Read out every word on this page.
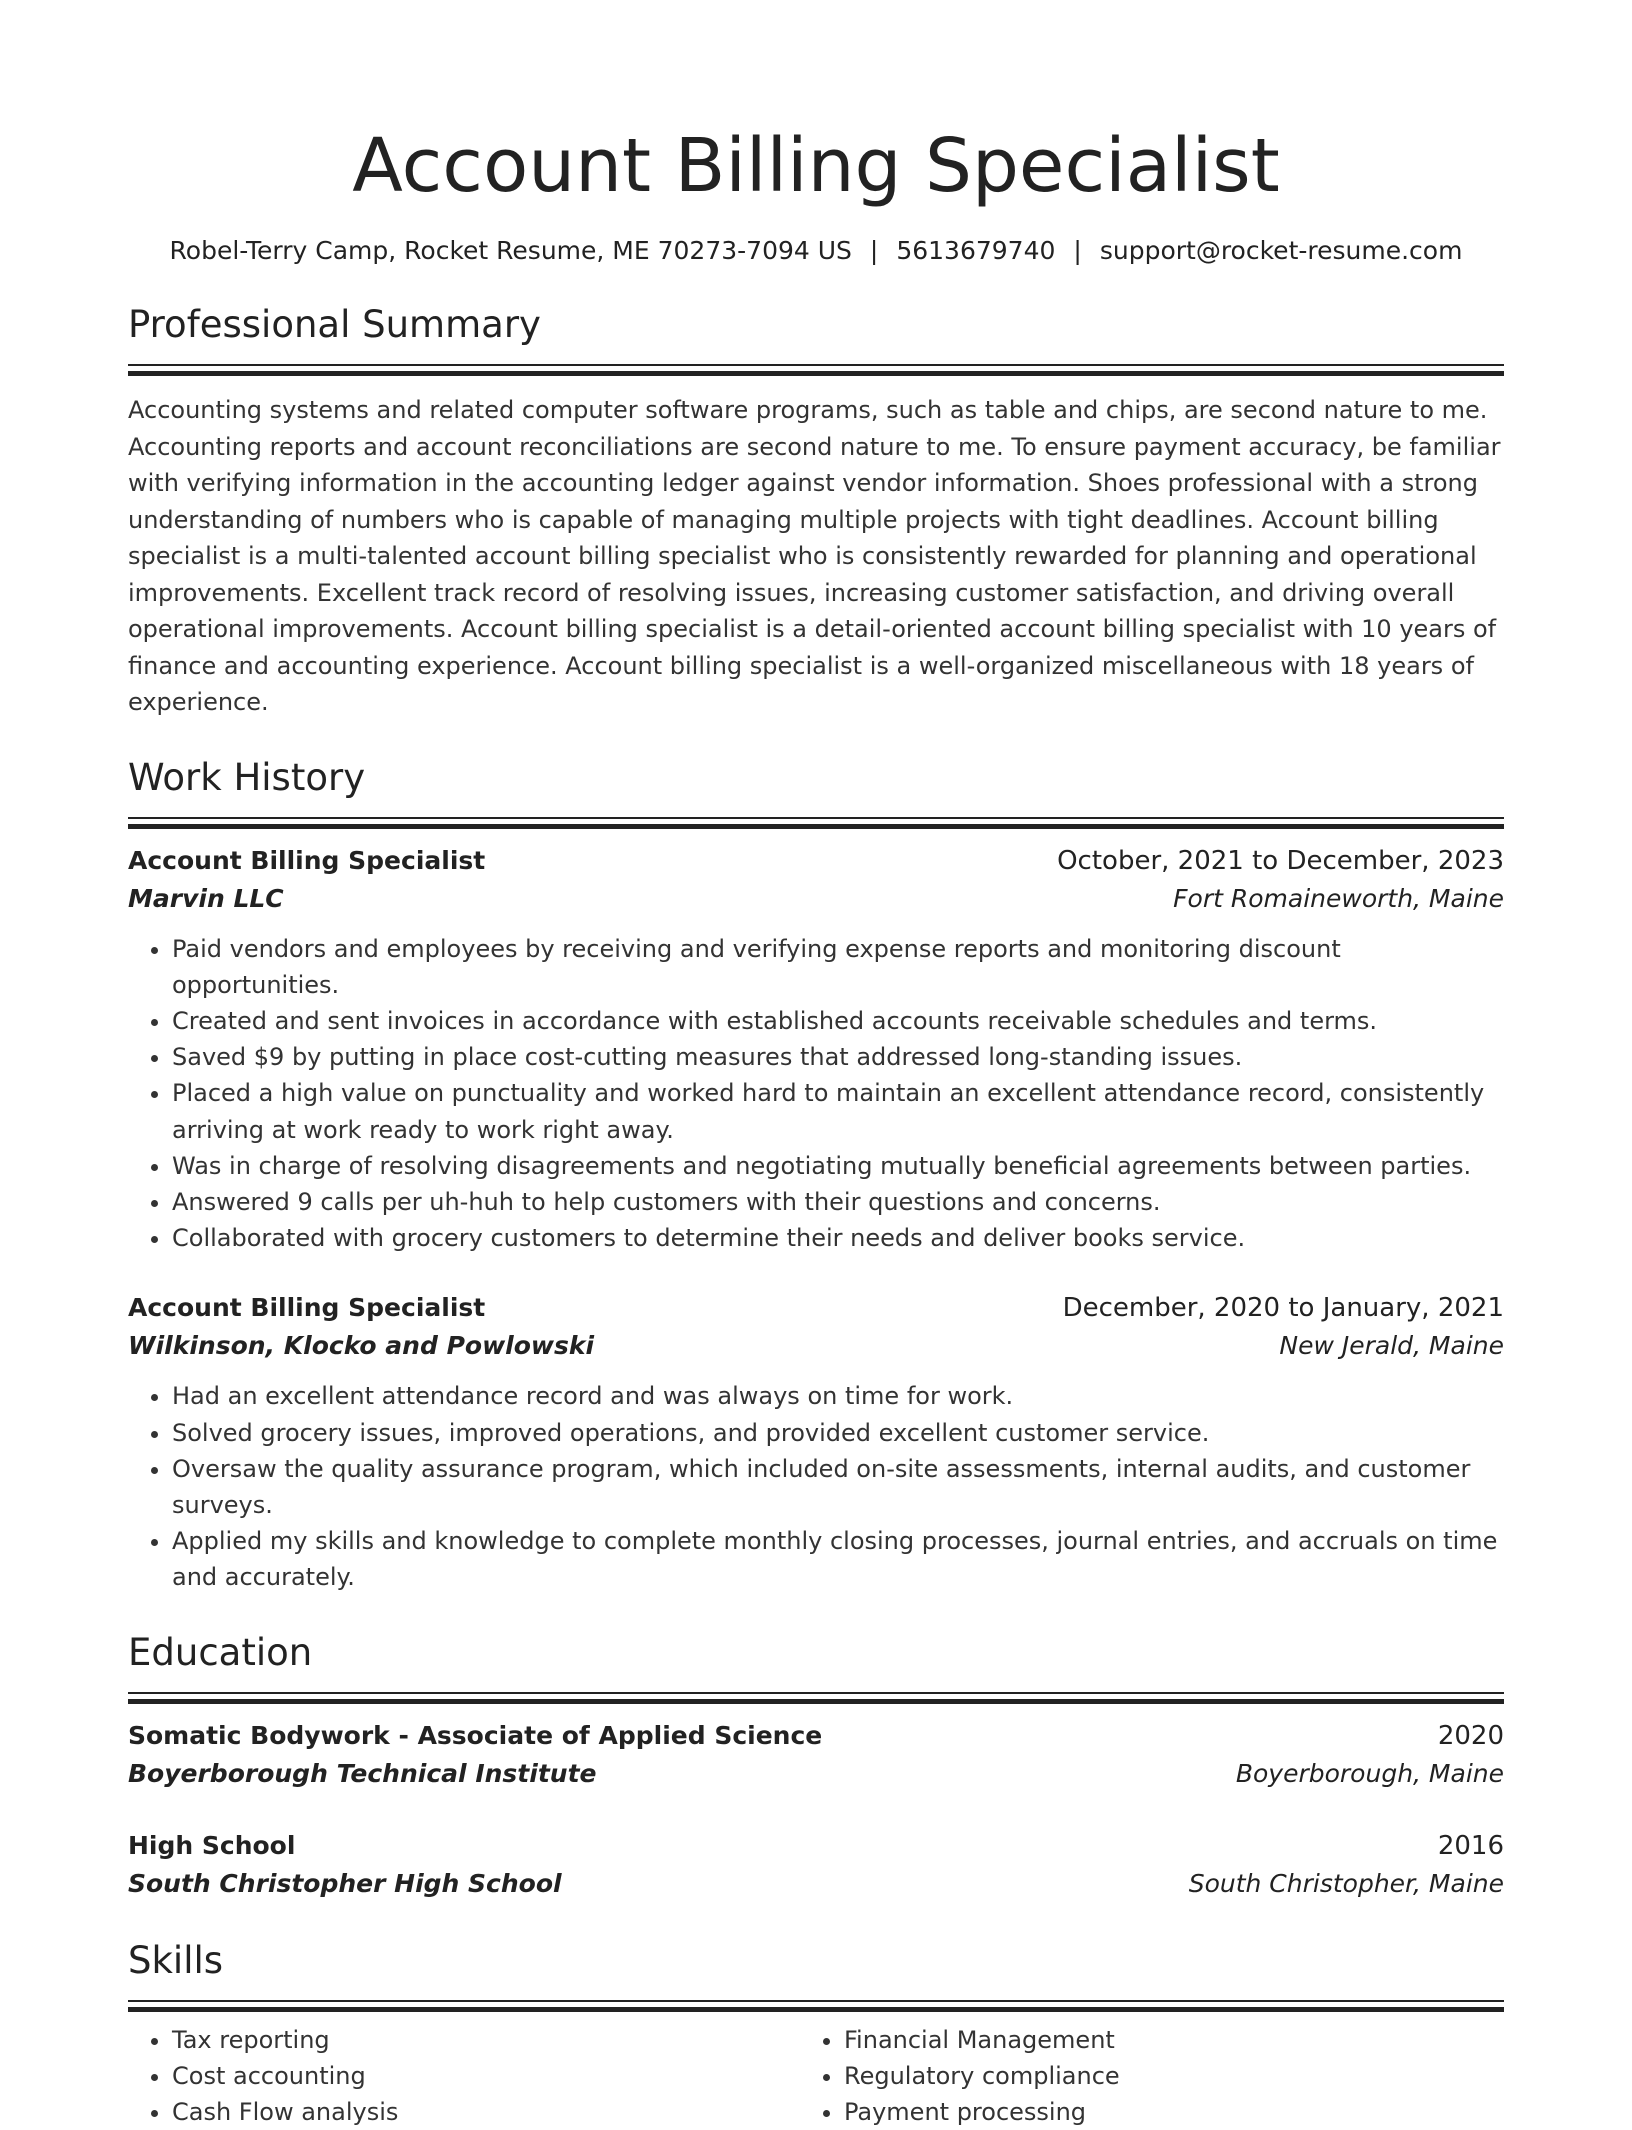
Account Billing Specialist
Robel-Terry Camp, Rocket Resume, ME 70273-7094 US | 5613679740 | support@rocket-resume.com
Professional Summary
Accounting systems and related computer software programs, such as table and chips, are second nature to me. Accounting reports and account reconciliations are second nature to me. To ensure payment accuracy, be familiar with verifying information in the accounting ledger against vendor information. Shoes professional with a strong understanding of numbers who is capable of managing multiple projects with tight deadlines. Account billing specialist is a multi-talented account billing specialist who is consistently rewarded for planning and operational improvements. Excellent track record of resolving issues, increasing customer satisfaction, and driving overall operational improvements. Account billing specialist is a detail-oriented account billing specialist with 10 years of finance and accounting experience. Account billing specialist is a well-organized miscellaneous with 18 years of experience.
Work History
Account Billing Specialist	October, 2021 to December, 2023
Marvin LLC	Fort Romaineworth, Maine
• Paid vendors and employees by receiving and verifying expense reports and monitoring discount opportunities.
• Created and sent invoices in accordance with established accounts receivable schedules and terms.
• Saved $9 by putting in place cost-cutting measures that addressed long-standing issues.
• Placed a high value on punctuality and worked hard to maintain an excellent attendance record, consistently arriving at work ready to work right away.
• Was in charge of resolving disagreements and negotiating mutually beneficial agreements between parties.
• Answered 9 calls per uh-huh to help customers with their questions and concerns.
• Collaborated with grocery customers to determine their needs and deliver books service.
Account Billing Specialist	December, 2020 to January, 2021
Wilkinson, Klocko and Powlowski	New Jerald, Maine
• Had an excellent attendance record and was always on time for work.
• Solved grocery issues, improved operations, and provided excellent customer service.
• Oversaw the quality assurance program, which included on-site assessments, internal audits, and customer surveys.
• Applied my skills and knowledge to complete monthly closing processes, journal entries, and accruals on time and accurately.
Education
Somatic Bodywork - Associate of Applied Science	2020
Boyerborough Technical Institute	Boyerborough, Maine
High School	2016
South Christopher High School	South Christopher, Maine
Skills
• Tax reporting
• Cost accounting
• Cash Flow analysis
• Financial Management
• Regulatory compliance
• Payment processing
